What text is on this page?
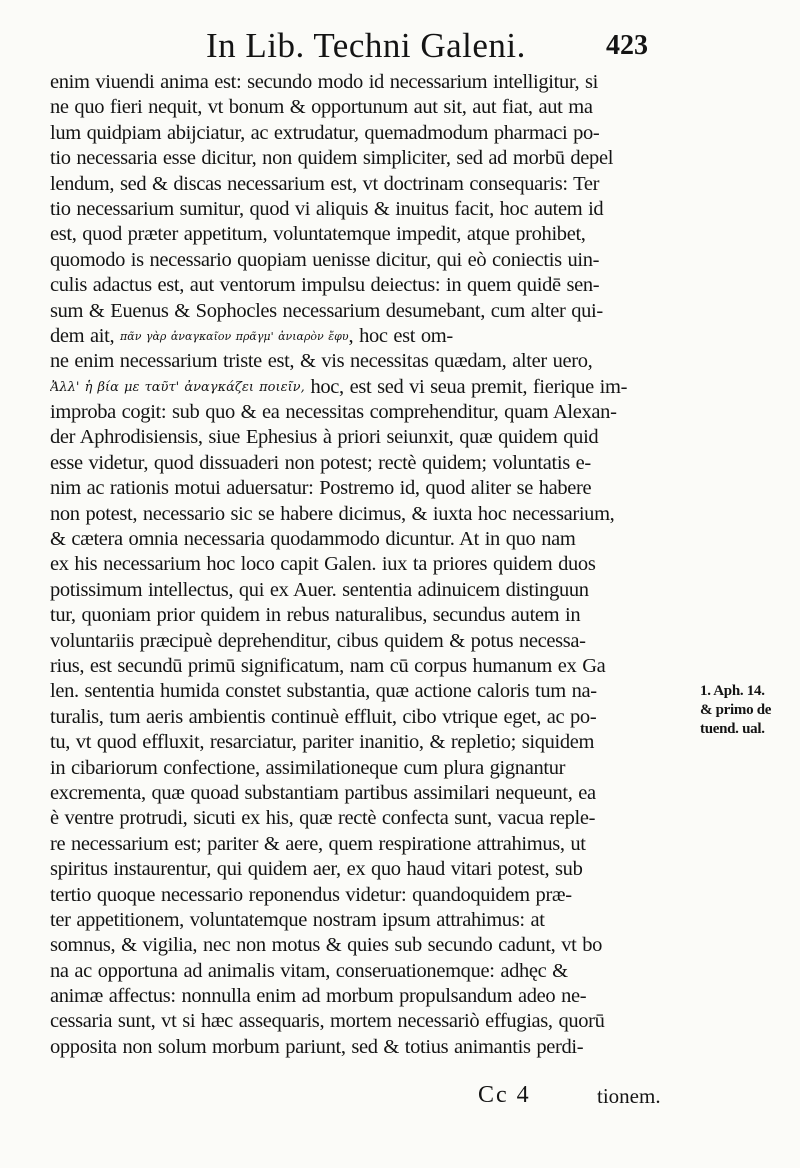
In Lib. Techni Galeni.	423
enim viuendi anima est: secundo modo id necessarium intelligitur, si
ne quo fieri nequit, vt bonum & opportunum aut sit, aut fiat, aut ma
lum quidpiam abijciatur, ac extrudatur, quemadmodum pharmaci po-
tio necessaria esse dicitur, non quidem simpliciter, sed ad morbū depel
lendum, sed & discas necessarium est, vt doctrinam consequaris: Ter
tio necessarium sumitur, quod vi aliquis & inuitus facit, hoc autem id
est, quod præter appetitum, voluntatemque impedit, atque prohibet,
quomodo is necessario quopiam uenisse dicitur, qui eò coniectis uin-
culis adactus est, aut ventorum impulsu deiectus: in quem quidē sen-
sum & Euenus & Sophocles necessarium desumebant, cum alter qui-
dem ait, πᾶν γὰρ ἀναγκαῖον πρᾶγμ' ἀνιαρὸν ἔφυ, hoc est om-
ne enim necessarium triste est, & vis necessitas quædam, alter uero,
Ἀλλ' ἡ βία με ταῦτ' ἀναγκάζει ποιεῖν, hoc, est sed vi seua premit, fierique im-
improba cogit: sub quo & ea necessitas comprehenditur, quam Alexan-
der Aphrodisiensis, siue Ephesius à priori seiunxit, quæ quidem quid
esse videtur, quod dissuaderi non potest; rectè quidem; voluntatis e-
nim ac rationis motui aduersatur: Postremo id, quod aliter se habere
non potest, necessario sic se habere dicimus, & iuxta hoc necessarium,
& cætera omnia necessaria quodammodo dicuntur. At in quo nam
ex his necessarium hoc loco capit Galen. iux ta priores quidem duos
potissimum intellectus, qui ex Auer. sententia adinuicem distinguun
tur, quoniam prior quidem in rebus naturalibus, secundus autem in
voluntariis præcipuè deprehenditur, cibus quidem & potus necessa-
rius, est secundū primū significatum, nam cū corpus humanum ex Ga
len. sententia humida constet substantia, quæ actione caloris tum na-
turalis, tum aeris ambientis continuè effluit, cibo vtrique eget, ac po-
tu, vt quod effluxit, resarciatur, pariter inanitio, & repletio; siquidem
in cibariorum confectione, assimilationeque cum plura gignantur
excrementa, quæ quoad substantiam partibus assimilari nequeunt, ea
è ventre protrudi, sicuti ex his, quæ rectè confecta sunt, vacua reple-
re necessarium est; pariter & aere, quem respiratione attrahimus, ut
spiritus instaurentur, qui quidem aer, ex quo haud vitari potest, sub
tertio quoque necessario reponendus videtur: quandoquidem præ-
ter appetitionem, voluntatemque nostram ipsum attrahimus: at
somnus, & vigilia, nec non motus & quies sub secundo cadunt, vt bo
na ac opportuna ad animalis vitam, conseruationemque: adhęc &
animæ affectus: nonnulla enim ad morbum propulsandum adeo ne-
cessaria sunt, vt si hæc assequaris, mortem necessariò effugias, quorū
opposita non solum morbum pariunt, sed & totius animantis perdi-
1. Aph. 14.
& primo de
tuend. ual.
Cc 4	tionem.
